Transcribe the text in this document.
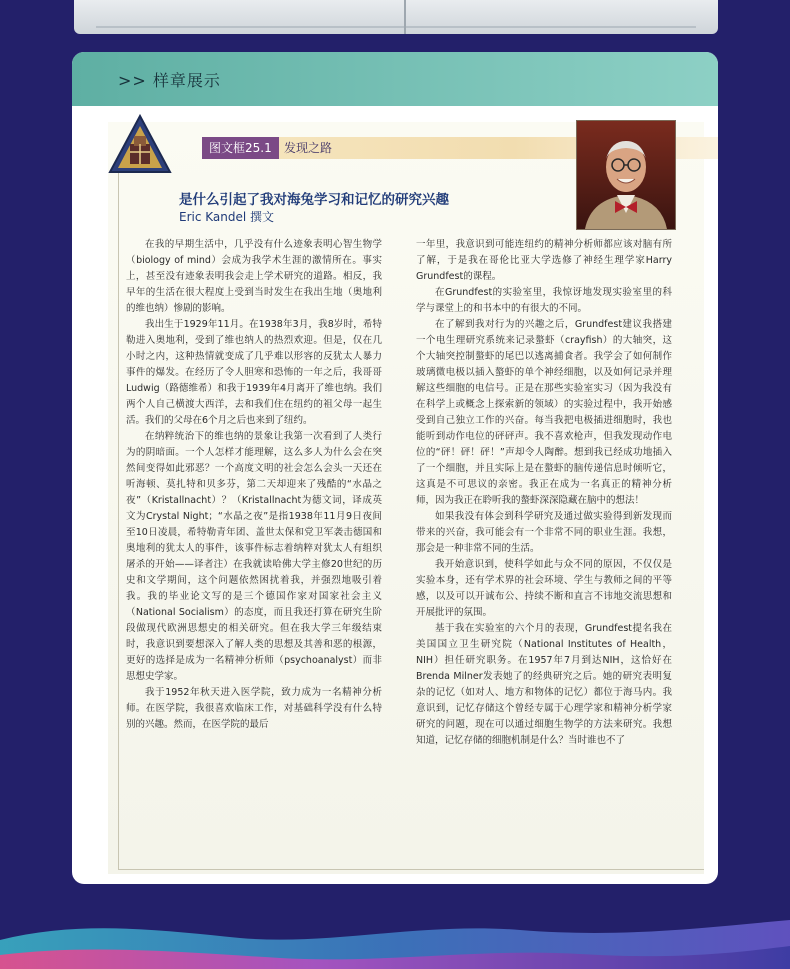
>> 样章展示
图文框25.1	发现之路
是什么引起了我对海兔学习和记忆的研究兴趣
Eric Kandel 撰文

在我的早期生活中，几乎没有什么迹象表明心智生物学（biology of mind）会成为我学术生涯的激情所在。事实上，甚至没有迹象表明我会走上学术研究的道路。相反，我早年的生活在很大程度上受到当时发生在我出生地（奥地利的维也纳）惨剧的影响。

我出生于1929年11月。在1938年3月，我8岁时，希特勒进入奥地利，受到了维也纳人的热烈欢迎。但是，仅在几小时之内，这种热情就变成了几乎难以形容的反犹太人暴力事件的爆发。在经历了令人胆寒和恐怖的一年之后，我哥哥Ludwig（路德维希）和我于1939年4月离开了维也纳。我们两个人自己横渡大西洋，去和我们住在纽约的祖父母一起生活。我们的父母在6个月之后也来到了纽约。

在纳粹统治下的维也纳的景象让我第一次看到了人类行为的阴暗面。一个人怎样才能理解，这么多人为什么会在突然间变得如此邪恶？一个高度文明的社会怎么会头一天还在听海顿、莫扎特和贝多芬，第二天却迎来了残酷的“水晶之夜”（Kristallnacht）？（Kristallnacht为德文词，译成英文为Crystal Night；“水晶之夜”是指1938年11月9日夜间至10日凌晨，希特勒青年团、盖世太保和党卫军袭击德国和奥地利的犹太人的事件，该事件标志着纳粹对犹太人有组织屠杀的开始——译者注）在我就读哈佛大学主修20世纪的历史和文学期间，这个问题依然困扰着我，并强烈地吸引着我。我的毕业论文写的是三个德国作家对国家社会主义（National Socialism）的态度，而且我还打算在研究生阶段做现代欧洲思想史的相关研究。但在我大学三年级结束时，我意识到要想深入了解人类的思想及其善和恶的根源，更好的选择是成为一名精神分析师（psychoanalyst）而非思想史学家。

我于1952年秋天进入医学院，致力成为一名精神分析师。在医学院，我很喜欢临床工作，对基础科学没有什么特别的兴趣。然而，在医学院的最后

一年里，我意识到可能连纽约的精神分析师都应该对脑有所了解，于是我在哥伦比亚大学选修了神经生理学家Harry Grundfest的课程。

在Grundfest的实验室里，我惊讶地发现实验室里的科学与课堂上的和书本中的有很大的不同。

在了解到我对行为的兴趣之后，Grundfest建议我搭建一个电生理研究系统来记录螯虾（crayfish）的大轴突，这个大轴突控制螯虾的尾巴以逃离捕食者。我学会了如何制作玻璃微电极以插入螯虾的单个神经细胞，以及如何记录并理解这些细胞的电信号。正是在那些实验室实习（因为我没有在科学上或概念上探索新的领域）的实验过程中，我开始感受到自己独立工作的兴奋。每当我把电极插进细胞时，我也能听到动作电位的砰砰声。我不喜欢枪声，但我发现动作电位的“砰！砰！砰！”声却令人陶醉。想到我已经成功地插入了一个细胞，并且实际上是在螯虾的脑传递信息时倾听它，这真是不可思议的亲密。我正在成为一名真正的精神分析师，因为我正在聆听我的螯虾深深隐藏在脑中的想法！

如果我没有体会到科学研究及通过做实验得到新发现而带来的兴奋，我可能会有一个非常不同的职业生涯。我想，那会是一种非常不同的生活。

我开始意识到，使科学如此与众不同的原因，不仅仅是实验本身，还有学术界的社会环境、学生与教师之间的平等感，以及可以开诚布公、持续不断和直言不讳地交流思想和开展批评的氛围。

基于我在实验室的六个月的表现，Grundfest提名我在美国国立卫生研究院（National Institutes of Health，NIH）担任研究职务。在1957年7月到达NIH，这恰好在Brenda Milner发表她了的经典研究之后。她的研究表明复杂的记忆（如对人、地方和物体的记忆）都位于海马内。我意识到，记忆存储这个曾经专属于心理学家和精神分析学家研究的问题，现在可以通过细胞生物学的方法来研究。我想知道，记忆存储的细胞机制是什么？当时谁也不了
